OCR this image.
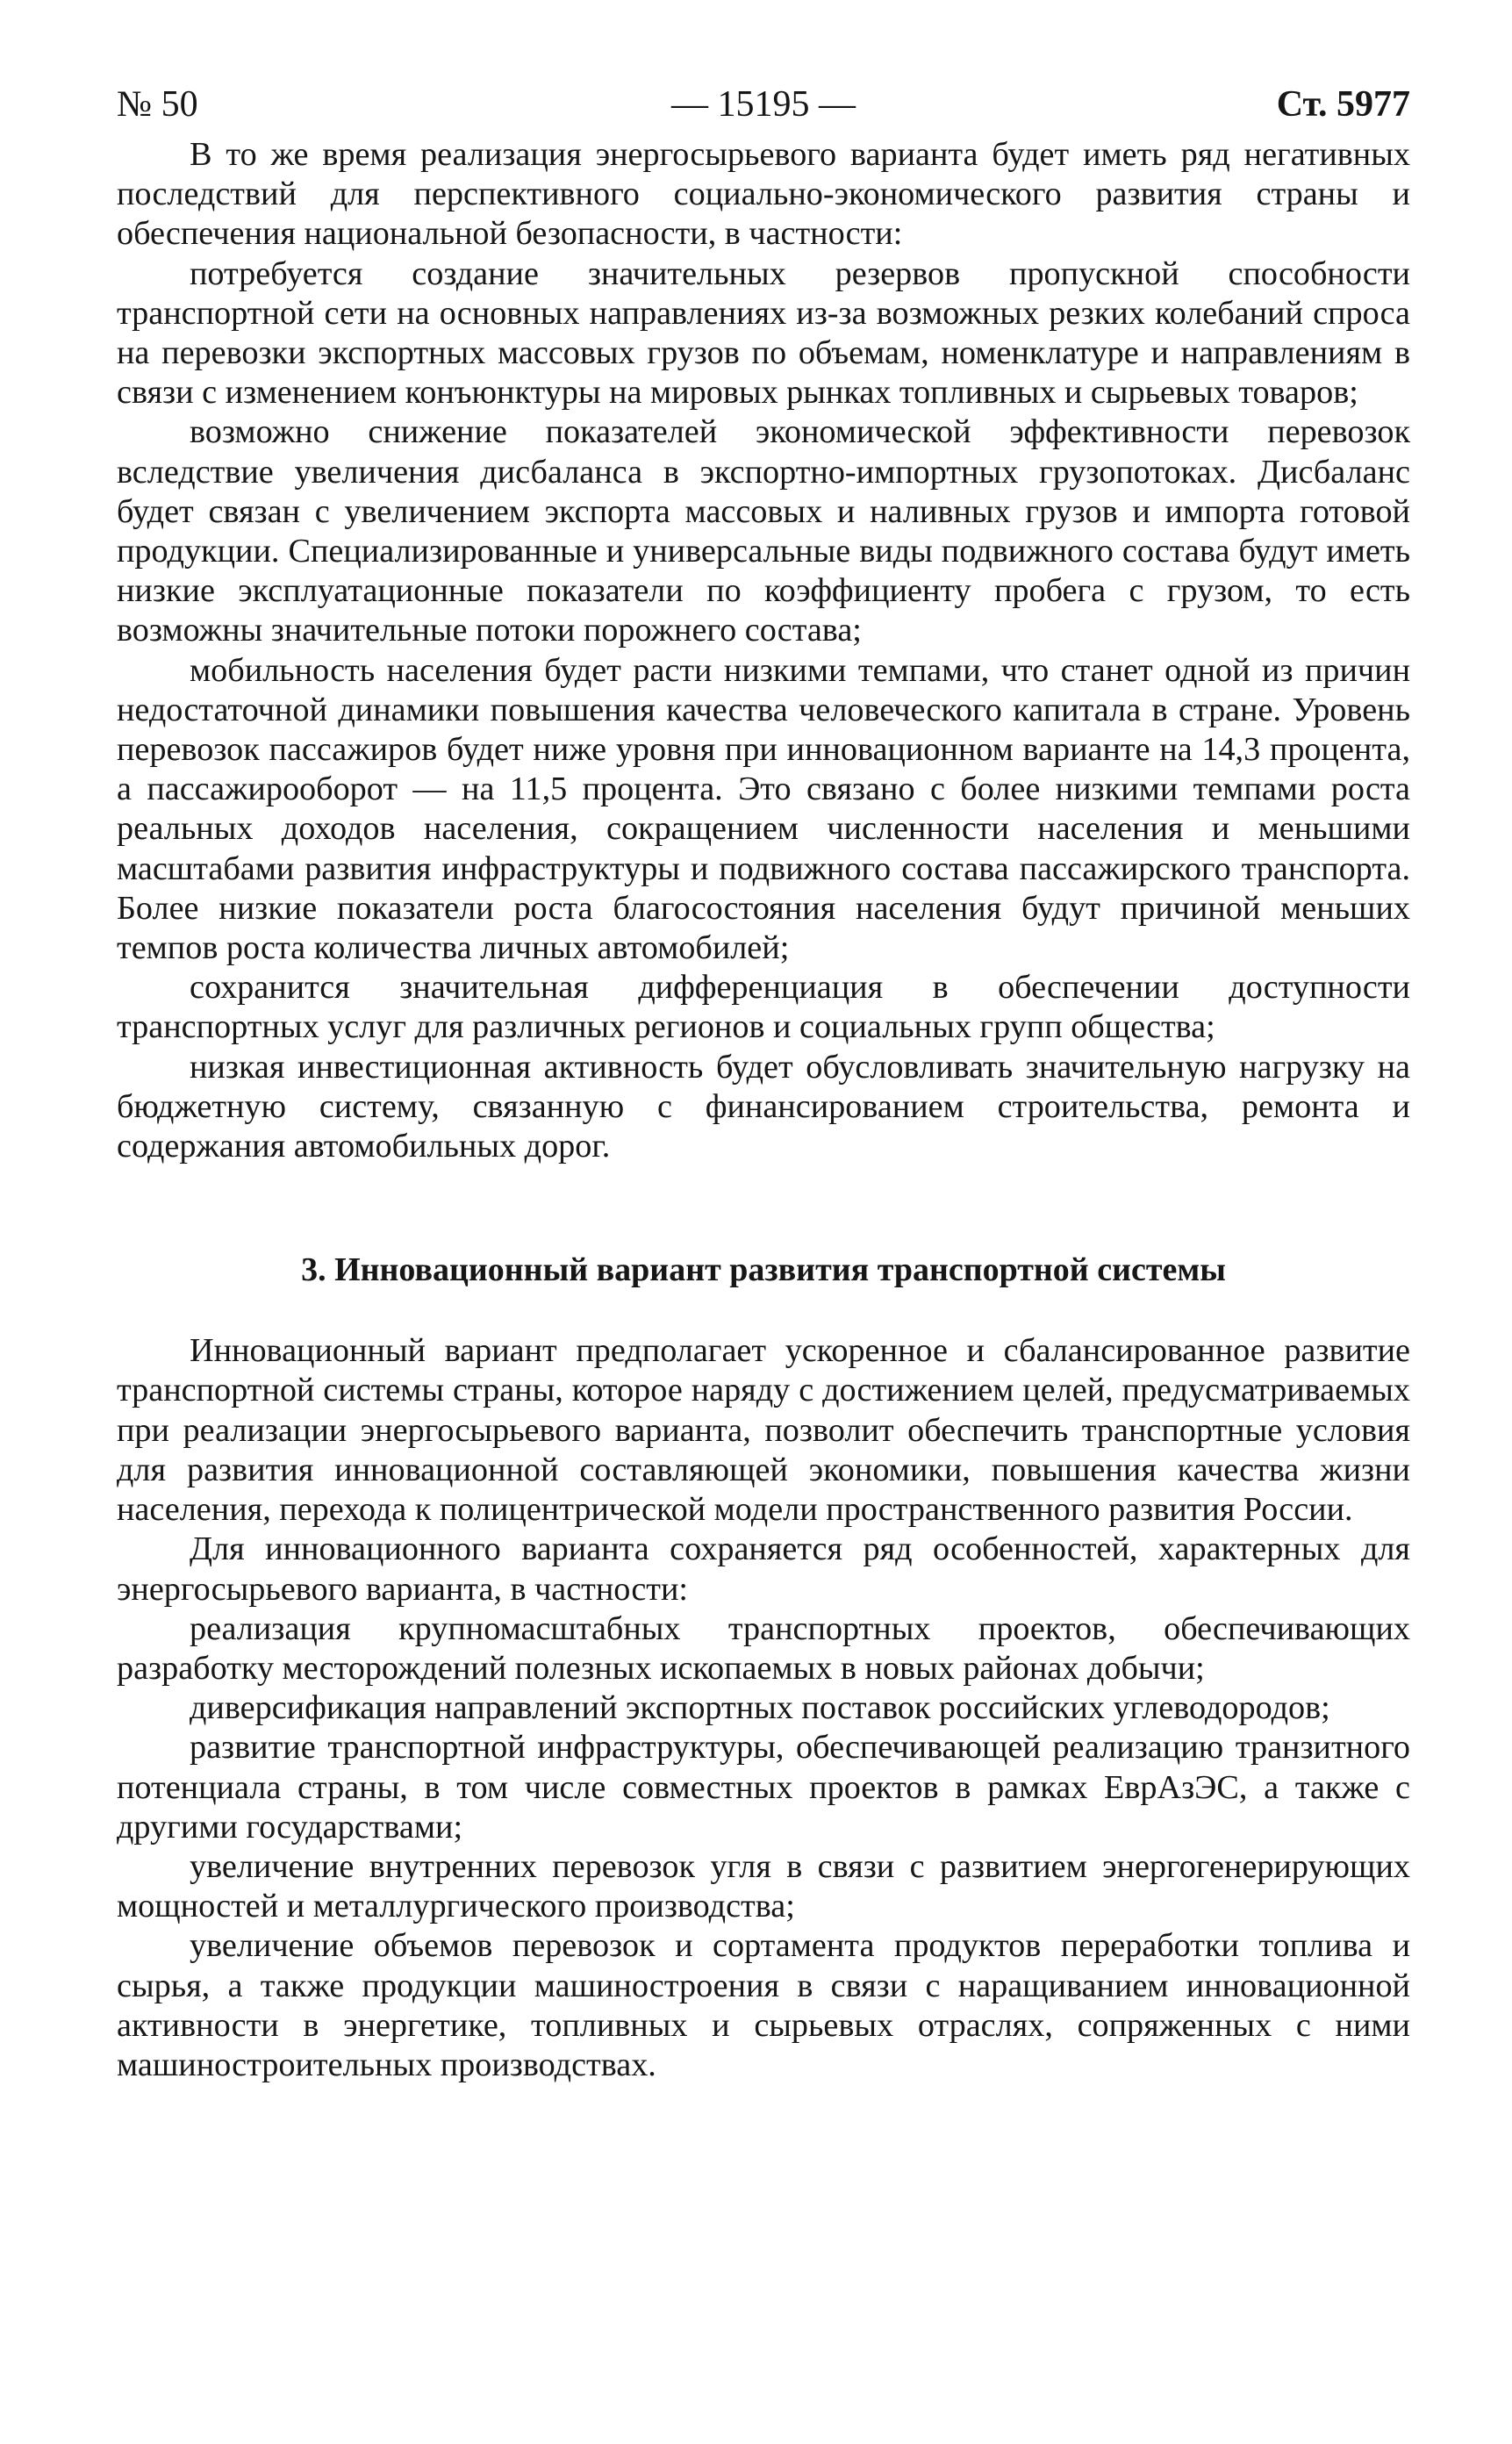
№ 50	— 15195 —	Ст. 5977

В то же время реализация энергосырьевого варианта будет иметь ряд негативных последствий для перспективного социально-экономического развития страны и обеспечения национальной безопасности, в частности:

потребуется создание значительных резервов пропускной способности транспортной сети на основных направлениях из-за возможных резких колебаний спроса на перевозки экспортных массовых грузов по объемам, номенклатуре и направлениям в связи с изменением конъюнктуры на мировых рынках топливных и сырьевых товаров;

возможно снижение показателей экономической эффективности перевозок вследствие увеличения дисбаланса в экспортно-импортных грузопотоках. Дисбаланс будет связан с увеличением экспорта массовых и наливных грузов и импорта готовой продукции. Специализированные и универсальные виды подвижного состава будут иметь низкие эксплуатационные показатели по коэффициенту пробега с грузом, то есть возможны значительные потоки порожнего состава;

мобильность населения будет расти низкими темпами, что станет одной из причин недостаточной динамики повышения качества человеческого капитала в стране. Уровень перевозок пассажиров будет ниже уровня при инновационном варианте на 14,3 процента, а пассажирооборот — на 11,5 процента. Это связано с более низкими темпами роста реальных доходов населения, сокращением численности населения и меньшими масштабами развития инфраструктуры и подвижного состава пассажирского транспорта. Более низкие показатели роста благосостояния населения будут причиной меньших темпов роста количества личных автомобилей;

сохранится значительная дифференциация в обеспечении доступности транспортных услуг для различных регионов и социальных групп общества;

низкая инвестиционная активность будет обусловливать значительную нагрузку на бюджетную систему, связанную с финансированием строительства, ремонта и содержания автомобильных дорог.

3. Инновационный вариант развития транспортной системы

Инновационный вариант предполагает ускоренное и сбалансированное развитие транспортной системы страны, которое наряду с достижением целей, предусматриваемых при реализации энергосырьевого варианта, позволит обеспечить транспортные условия для развития инновационной составляющей экономики, повышения качества жизни населения, перехода к полицентрической модели пространственного развития России.

Для инновационного варианта сохраняется ряд особенностей, характерных для энергосырьевого варианта, в частности:

реализация крупномасштабных транспортных проектов, обеспечивающих разработку месторождений полезных ископаемых в новых районах добычи;

диверсификация направлений экспортных поставок российских углеводородов;

развитие транспортной инфраструктуры, обеспечивающей реализацию транзитного потенциала страны, в том числе совместных проектов в рамках ЕврАзЭС, а также с другими государствами;

увеличение внутренних перевозок угля в связи с развитием энергогенерирующих мощностей и металлургического производства;

увеличение объемов перевозок и сортамента продуктов переработки топлива и сырья, а также продукции машиностроения в связи с наращиванием инновационной активности в энергетике, топливных и сырьевых отраслях, сопряженных с ними машиностроительных производствах.
